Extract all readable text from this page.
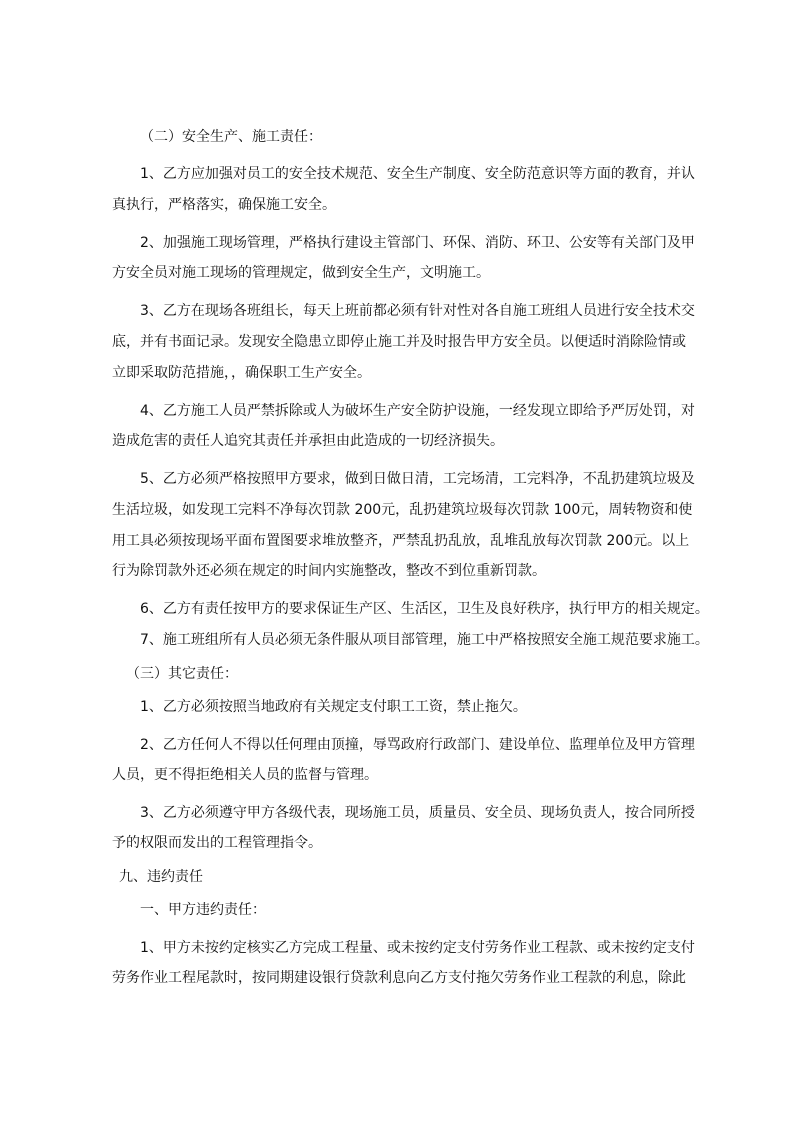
（二）安全生产、施工责任：

1、乙方应加强对员工的安全技术规范、安全生产制度、安全防范意识等方面的教育，并认

真执行，严格落实，确保施工安全。

2、加强施工现场管理，严格执行建设主管部门、环保、消防、环卫、公安等有关部门及甲

方安全员对施工现场的管理规定，做到安全生产，文明施工。

3、乙方在现场各班组长，每天上班前都必须有针对性对各自施工班组人员进行安全技术交

底，并有书面记录。发现安全隐患立即停止施工并及时报告甲方安全员。以便适时消除险情或

立即采取防范措施，，确保职工生产安全。

4、乙方施工人员严禁拆除或人为破坏生产安全防护设施，一经发现立即给予严厉处罚，对

造成危害的责任人追究其责任并承担由此造成的一切经济损失。

5、乙方必须严格按照甲方要求，做到日做日清，工完场清，工完料净，不乱扔建筑垃圾及

生活垃圾，如发现工完料不净每次罚款 200元，乱扔建筑垃圾每次罚款 100元，周转物资和使

用工具必须按现场平面布置图要求堆放整齐，严禁乱扔乱放，乱堆乱放每次罚款 200元。以上

行为除罚款外还必须在规定的时间内实施整改，整改不到位重新罚款。

6、乙方有责任按甲方的要求保证生产区、生活区，卫生及良好秩序，执行甲方的相关规定。

7、施工班组所有人员必须无条件服从项目部管理，施工中严格按照安全施工规范要求施工。

（三）其它责任：

1、乙方必须按照当地政府有关规定支付职工工资，禁止拖欠。

2、乙方任何人不得以任何理由顶撞，辱骂政府行政部门、建设单位、监理单位及甲方管理

人员，更不得拒绝相关人员的监督与管理。

3、乙方必须遵守甲方各级代表，现场施工员，质量员、安全员、现场负责人，按合同所授

予的权限而发出的工程管理指令。

九、违约责任

一、甲方违约责任：

1、甲方未按约定核实乙方完成工程量、或未按约定支付劳务作业工程款、或未按约定支付

劳务作业工程尾款时，按同期建设银行贷款利息向乙方支付拖欠劳务作业工程款的利息，除此
